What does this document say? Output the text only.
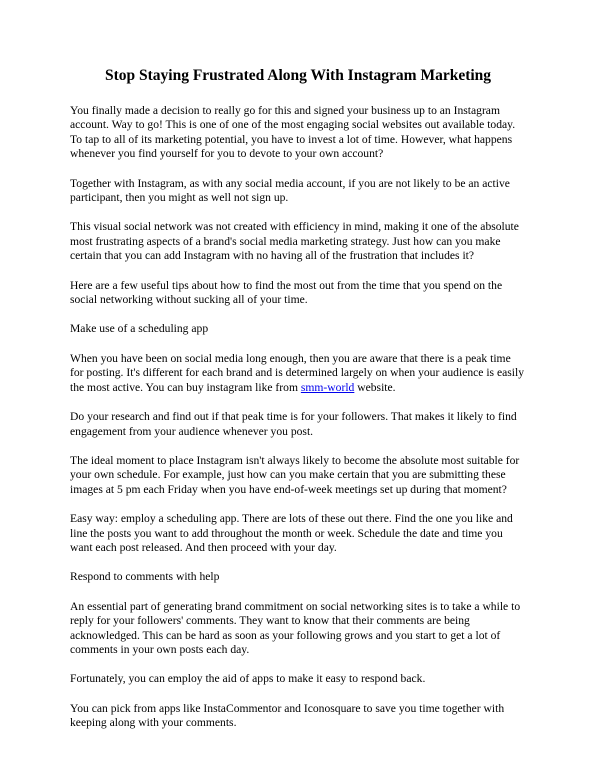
Stop Staying Frustrated Along With Instagram Marketing

You finally made a decision to really go for this and signed your business up to an Instagram account. Way to go! This is one of one of the most engaging social websites out available today. To tap to all of its marketing potential, you have to invest a lot of time. However, what happens whenever you find yourself for you to devote to your own account?

Together with Instagram, as with any social media account, if you are not likely to be an active participant, then you might as well not sign up.

This visual social network was not created with efficiency in mind, making it one of the absolute most frustrating aspects of a brand's social media marketing strategy. Just how can you make certain that you can add Instagram with no having all of the frustration that includes it?

Here are a few useful tips about how to find the most out from the time that you spend on the social networking without sucking all of your time.

Make use of a scheduling app

When you have been on social media long enough, then you are aware that there is a peak time for posting. It's different for each brand and is determined largely on when your audience is easily the most active. You can buy instagram like from smm-world website.

Do your research and find out if that peak time is for your followers. That makes it likely to find engagement from your audience whenever you post.

The ideal moment to place Instagram isn't always likely to become the absolute most suitable for your own schedule. For example, just how can you make certain that you are submitting these images at 5 pm each Friday when you have end-of-week meetings set up during that moment?

Easy way: employ a scheduling app. There are lots of these out there. Find the one you like and line the posts you want to add throughout the month or week. Schedule the date and time you want each post released. And then proceed with your day.

Respond to comments with help

An essential part of generating brand commitment on social networking sites is to take a while to reply for your followers' comments. They want to know that their comments are being acknowledged. This can be hard as soon as your following grows and you start to get a lot of comments in your own posts each day.

Fortunately, you can employ the aid of apps to make it easy to respond back.

You can pick from apps like InstaCommentor and Iconosquare to save you time together with keeping along with your comments.
